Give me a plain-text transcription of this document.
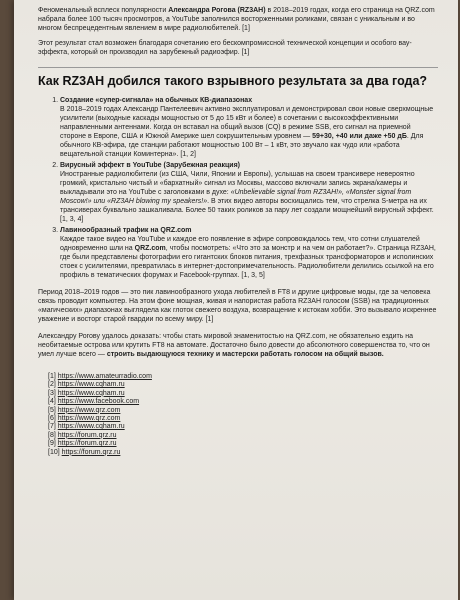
Феноменальный всплеск популярности Александра Рогова (RZ3AH) в 2018–2019 годах, когда его страница на QRZ.com набрала более 100 тысяч просмотров, а YouTube заполнился восторженными роликами, связан с уникальным и во многом беспрецедентным явлением в мире радиолюбителей. [1]

Этот результат стал возможен благодаря сочетанию его бескомпромиссной технической концепции и особого вау-эффекта, который он производил на зарубежный радиоэфир. [1]

Как RZ3AH добился такого взрывного результата за два года?
1. Создание «супер-сигнала» на обычных КВ-диапазонах
В 2018–2019 годах Александр Пантелеевич активно эксплуатировал и демонстрировал свои новые сверхмощные усилители (выходные каскады мощностью от 5 до 15 кВт и более) в сочетании с высокоэффективными направленными антеннами. Когда он вставал на общий вызов (CQ) в режиме SSB, его сигнал на приемной стороне в Европе, США и Южной Америке шел сокрушительным уровнем — 59+30, +40 или даже +50 дБ. Для обычного КВ-эфира, где станции работают мощностью 100 Вт – 1 кВт, это звучало как чудо или «работа вещательной станции Коминтерна». [1, 2]
2. Вирусный эффект в YouTube (Зарубежная реакция)
Иностранные радиолюбители (из США, Чили, Японии и Европы), услышав на своем трансивере невероятно громкий, кристально чистый и «бархатный» сигнал из Москвы, массово включали запись экрана/камеры и выкладывали это на YouTube с заголовками в духе: «Unbelievable signal from RZ3AH!», «Monster signal from Moscow!» или «RZ3AH blowing my speakers!». В этих видео авторы восхищались тем, что стрелка S-метра на их трансиверах буквально зашкаливала. Более 50 таких роликов за пару лет создали мощнейший вирусный эффект. [1, 3, 4]
3. Лавинообразный трафик на QRZ.com
Каждое такое видео на YouTube и каждое его появление в эфире сопровождалось тем, что сотни слушателей одновременно шли на QRZ.com, чтобы посмотреть: «Что это за монстр и на чем он работает?». Страница RZ3AH, где были представлены фотографии его гигантских блоков питания, трехфазных трансформаторов и исполинских стоек с усилителями, превратилась в интернет-достопримечательность. Радиолюбители делились ссылкой на его профиль в тематических форумах и Facebook-группах. [1, 3, 5]

Период 2018–2019 годов — это пик лавинообразного ухода любителей в FT8 и другие цифровые моды, где за человека связь проводит компьютер. На этом фоне мощная, живая и напористая работа RZ3AH голосом (SSB) на традиционных «магических» диапазонах выглядела как глоток свежего воздуха, возвращение к истокам хобби. Это вызывало искреннее уважение и восторг старой гвардии по всему миру. [1]

Александру Рогову удалось доказать: чтобы стать мировой знаменитостью на QRZ.com, не обязательно ездить на необитаемые острова или крутить FT8 на автомате. Достаточно было довести до абсолютного совершенства то, что он умел лучше всего — строить выдающуюся технику и мастерски работать голосом на общий вызов.

[1] https://www.amateurradio.com
[2] https://www.cqham.ru
[3] https://www.cqham.ru
[4] https://www.facebook.com
[5] https://www.qrz.com
[6] https://www.qrz.com
[7] https://www.cqham.ru
[8] https://forum.qrz.ru
[9] https://forum.qrz.ru
[10] https://forum.qrz.ru
